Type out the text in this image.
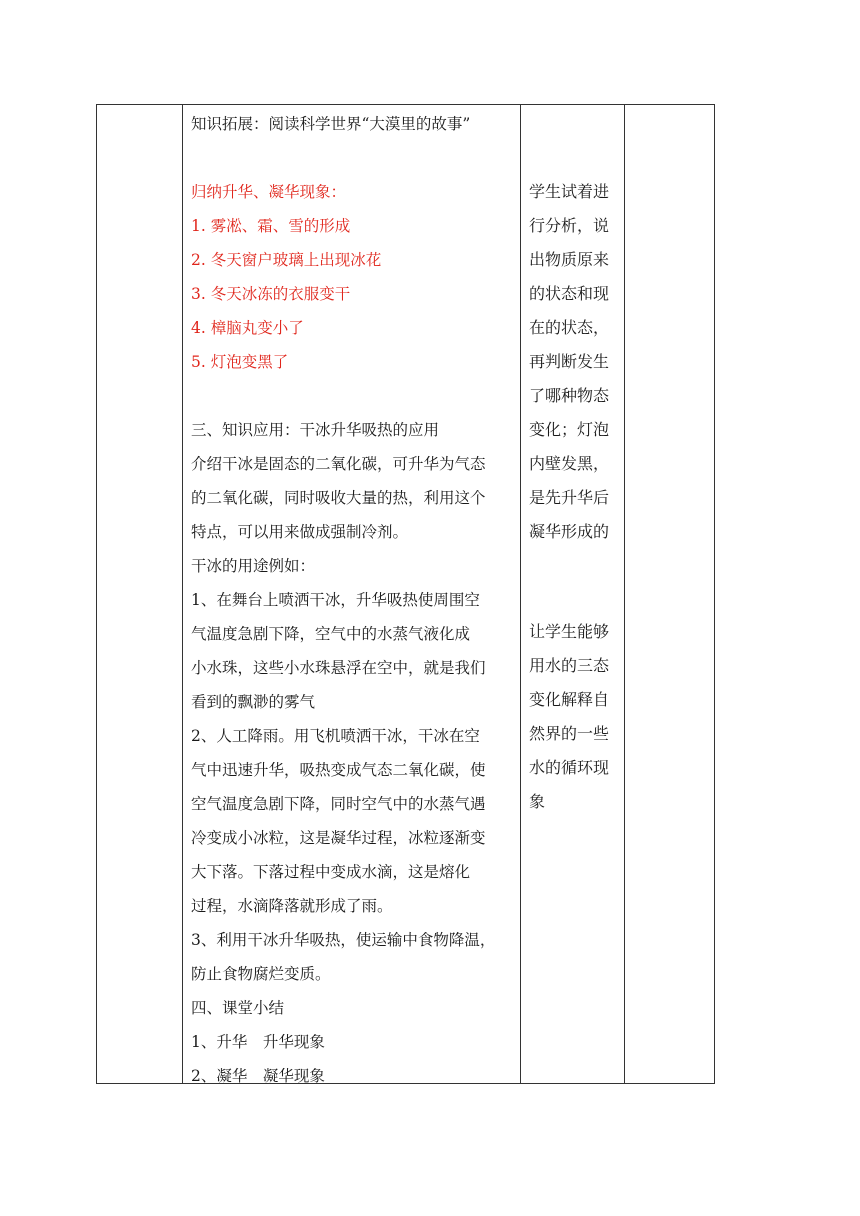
知识拓展：阅读科学世界“大漠里的故事”
归纳升华、凝华现象：
1. 雾凇、霜、雪的形成
2. 冬天窗户玻璃上出现冰花
3. 冬天冰冻的衣服变干
4. 樟脑丸变小了
5. 灯泡变黑了
三、知识应用：干冰升华吸热的应用
介绍干冰是固态的二氧化碳，可升华为气态
的二氧化碳，同时吸收大量的热，利用这个
特点，可以用来做成强制冷剂。
干冰的用途例如：
1、在舞台上喷洒干冰，升华吸热使周围空
气温度急剧下降，空气中的水蒸气液化成
小水珠，这些小水珠悬浮在空中，就是我们
看到的飘渺的雾气
2、人工降雨。用飞机喷洒干冰，干冰在空
气中迅速升华，吸热变成气态二氧化碳，使
空气温度急剧下降，同时空气中的水蒸气遇
冷变成小冰粒，这是凝华过程，冰粒逐渐变
大下落。下落过程中变成水滴，这是熔化
过程，水滴降落就形成了雨。
3、利用干冰升华吸热，使运输中食物降温，
防止食物腐烂变质。
四、课堂小结
1、升华　升华现象
2、凝华　凝华现象
学生试着进
行分析，说
出物质原来
的状态和现
在的状态，
再判断发生
了哪种物态
变化；灯泡
内壁发黑，
是先升华后
凝华形成的
让学生能够
用水的三态
变化解释自
然界的一些
水的循环现
象
